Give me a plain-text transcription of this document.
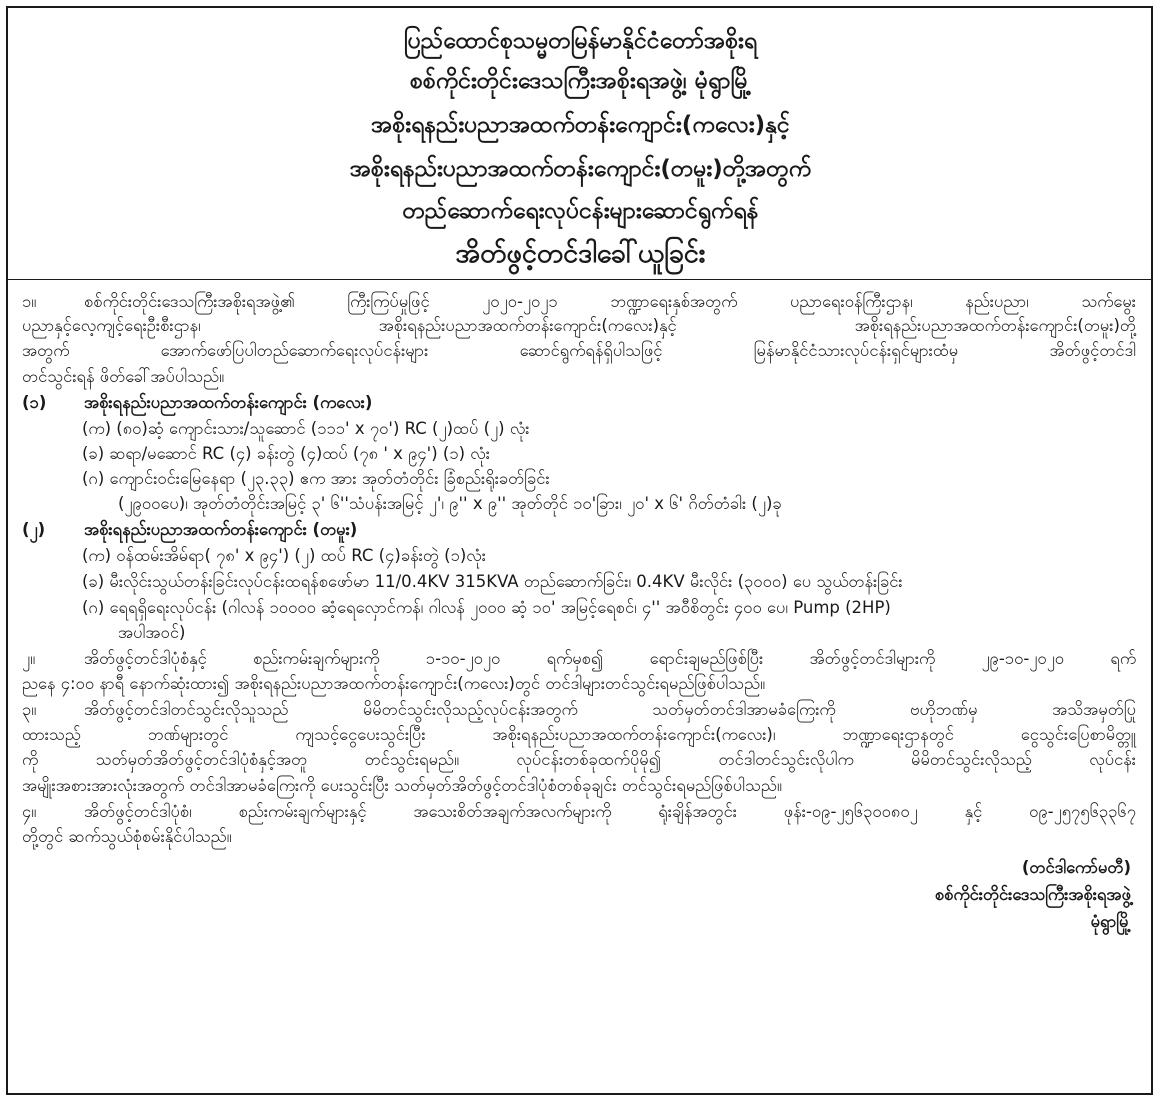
ပြည်ထောင်စုသမ္မတမြန်မာနိုင်ငံတော်အစိုးရ
စစ်ကိုင်းတိုင်းဒေသကြီးအစိုးရအဖွဲ့၊ မုံရွာမြို့
အစိုးရနည်းပညာအထက်တန်းကျောင်း(ကလေး)နှင့်
အစိုးရနည်းပညာအထက်တန်းကျောင်း(တမူး)တို့အတွက်
တည်ဆောက်ရေးလုပ်ငန်းများဆောင်ရွက်ရန်
အိတ်ဖွင့်တင်ဒါခေါ်ယူခြင်း
၁။	စစ်ကိုင်းတိုင်းဒေသကြီးအစိုးရအဖွဲ့၏ ကြီးကြပ်မှုဖြင့် ၂၀၂၀-၂၀၂၁ ဘဏ္ဍာရေးနှစ်အတွက် ပညာရေးဝန်ကြီးဌာန၊ နည်းပညာ၊ သက်မွေး
ပညာနှင့်လေ့ကျင့်ရေးဦးစီးဌာန၊ အစိုးရနည်းပညာအထက်တန်းကျောင်း(ကလေး)နှင့် အစိုးရနည်းပညာအထက်တန်းကျောင်း(တမူး)တို့
အတွက် အောက်ဖော်ပြပါတည်ဆောက်ရေးလုပ်ငန်းများ ဆောင်ရွက်ရန်ရှိပါသဖြင့် မြန်မာနိုင်ငံသားလုပ်ငန်းရှင်များထံမှ အိတ်ဖွင့်တင်ဒါ
တင်သွင်းရန် ဖိတ်ခေါ်အပ်ပါသည်။
(၁) အစိုးရနည်းပညာအထက်တန်းကျောင်း (ကလေး)
(က) (၈၀)ဆံ့ ကျောင်းသား/သူဆောင် (၁၁၁' x ၇၀') RC (၂)ထပ် (၂) လုံး
(ခ) ဆရာ/မဆောင် RC (၄) ခန်းတွဲ (၄)ထပ် (၇၈ ' x ၉၄') (၁) လုံး
(ဂ) ကျောင်းဝင်းမြေနေရာ (၂၃.၃၃) ဧက အား အုတ်တံတိုင်း ခြံစည်းရိုးခတ်ခြင်း
(၂၉၀၀ပေ)၊ အုတ်တံတိုင်းအမြင့် ၃' ၆''သံပန်းအမြင့် ၂'၊ ၉'' x ၉'' အုတ်တိုင် ၁၀'ခြား၊ ၂၀' x ၆' ဂိတ်တံခါး (၂)ခု
(၂) အစိုးရနည်းပညာအထက်တန်းကျောင်း (တမူး)
(က) ဝန်ထမ်းအိမ်ရာ( ၇၈' x ၉၄') (၂) ထပ် RC (၄)ခန်းတွဲ (၁)လုံး
(ခ) မီးလိုင်းသွယ်တန်းခြင်းလုပ်ငန်းထရန်စဖော်မာ 11/0.4KV 315KVA တည်ဆောက်ခြင်း၊ 0.4KV မီးလိုင်း (၃၀၀၀) ပေ သွယ်တန်းခြင်း
(ဂ) ရေရရှိရေးလုပ်ငန်း (ဂါလန် ၁၀၀၀၀ ဆံ့ရေလှောင်ကန်၊ ဂါလန် ၂၀၀၀ ဆံ့ ၁၀' အမြင့်ရေစင်၊ ၄'' အဝီစိတွင်း ၄၀၀ ပေ၊ Pump (2HP)
အပါအဝင်)
၂။	အိတ်ဖွင့်တင်ဒါပုံစံနှင့် စည်းကမ်းချက်များကို ၁-၁၀-၂၀၂၀ ရက်မှစ၍ ရောင်းချမည်ဖြစ်ပြီး အိတ်ဖွင့်တင်ဒါများကို ၂၉-၁၀-၂၀၂၀ ရက်
ညနေ ၄:၀၀ နာရီ နောက်ဆုံးထား၍ အစိုးရနည်းပညာအထက်တန်းကျောင်း(ကလေး)တွင် တင်ဒါများတင်သွင်းရမည်ဖြစ်ပါသည်။
၃။	အိတ်ဖွင့်တင်ဒါတင်သွင်းလိုသူသည် မိမိတင်သွင်းလိုသည့်လုပ်ငန်းအတွက် သတ်မှတ်တင်ဒါအာမခံကြေးကို ဗဟိုဘဏ်မှ အသိအမှတ်ပြု
ထားသည့် ဘဏ်များတွင် ကျသင့်ငွေပေးသွင်းပြီး အစိုးရနည်းပညာအထက်တန်းကျောင်း(ကလေး)၊ ဘဏ္ဍာရေးဌာနတွင် ငွေသွင်းပြေစာမိတ္တူ
ကို သတ်မှတ်အိတ်ဖွင့်တင်ဒါပုံစံနှင့်အတူ တင်သွင်းရမည်။ လုပ်ငန်းတစ်ခုထက်ပိုမို၍ တင်ဒါတင်သွင်းလိုပါက မိမိတင်သွင်းလိုသည့် လုပ်ငန်း
အမျိုးအစားအားလုံးအတွက် တင်ဒါအာမခံကြေးကို ပေးသွင်းပြီး သတ်မှတ်အိတ်ဖွင့်တင်ဒါပုံစံတစ်ခုချင်း တင်သွင်းရမည်ဖြစ်ပါသည်။
၄။	အိတ်ဖွင့်တင်ဒါပုံစံ၊ စည်းကမ်းချက်များနှင့် အသေးစိတ်အချက်အလက်များကို ရုံးချိန်အတွင်း ဖုန်း-၀၉-၂၅၆၃၀၀၈၀၂ နှင့် ၀၉-၂၅၇၅၆၃၃၆၇
တို့တွင် ဆက်သွယ်စုံစမ်းနိုင်ပါသည်။
(တင်ဒါကော်မတီ)
စစ်ကိုင်းတိုင်းဒေသကြီးအစိုးရအဖွဲ့
မုံရွာမြို့
